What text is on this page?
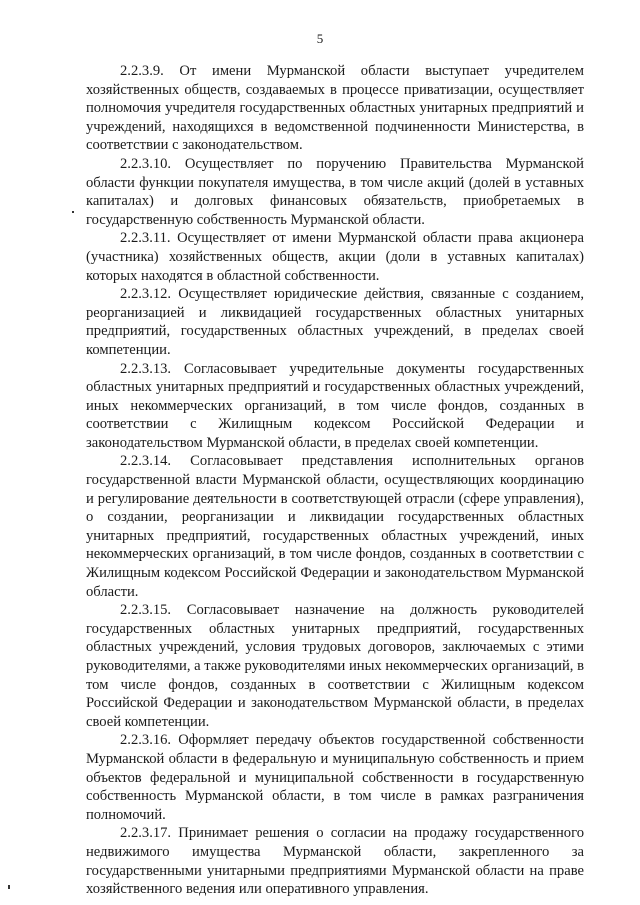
5

2.2.3.9. От имени Мурманской области выступает учредителем хозяйственных обществ, создаваемых в процессе приватизации, осуществляет полномочия учредителя государственных областных унитарных предприятий и учреждений, находящихся в ведомственной подчиненности Министерства, в соответствии с законодательством.

2.2.3.10. Осуществляет по поручению Правительства Мурманской области функции покупателя имущества, в том числе акций (долей в уставных капиталах) и долговых финансовых обязательств, приобретаемых в государственную собственность Мурманской области.

2.2.3.11. Осуществляет от имени Мурманской области права акционера (участника) хозяйственных обществ, акции (доли в уставных капиталах) которых находятся в областной собственности.

2.2.3.12. Осуществляет юридические действия, связанные с созданием, реорганизацией и ликвидацией государственных областных унитарных предприятий, государственных областных учреждений, в пределах своей компетенции.

2.2.3.13. Согласовывает учредительные документы государственных областных унитарных предприятий и государственных областных учреждений, иных некоммерческих организаций, в том числе фондов, созданных в соответствии с Жилищным кодексом Российской Федерации и законодательством Мурманской области, в пределах своей компетенции.

2.2.3.14. Согласовывает представления исполнительных органов государственной власти Мурманской области, осуществляющих координацию и регулирование деятельности в соответствующей отрасли (сфере управления), о создании, реорганизации и ликвидации государственных областных унитарных предприятий, государственных областных учреждений, иных некоммерческих организаций, в том числе фондов, созданных в соответствии с Жилищным кодексом Российской Федерации и законодательством Мурманской области.

2.2.3.15. Согласовывает назначение на должность руководителей государственных областных унитарных предприятий, государственных областных учреждений, условия трудовых договоров, заключаемых с этими руководителями, а также руководителями иных некоммерческих организаций, в том числе фондов, созданных в соответствии с Жилищным кодексом Российской Федерации и законодательством Мурманской области, в пределах своей компетенции.

2.2.3.16. Оформляет передачу объектов государственной собственности Мурманской области в федеральную и муниципальную собственность и прием объектов федеральной и муниципальной собственности в государственную собственность Мурманской области, в том числе в рамках разграничения полномочий.

2.2.3.17. Принимает решения о согласии на продажу государственного недвижимого имущества Мурманской области, закрепленного за государственными унитарными предприятиями Мурманской области на праве хозяйственного ведения или оперативного управления.
